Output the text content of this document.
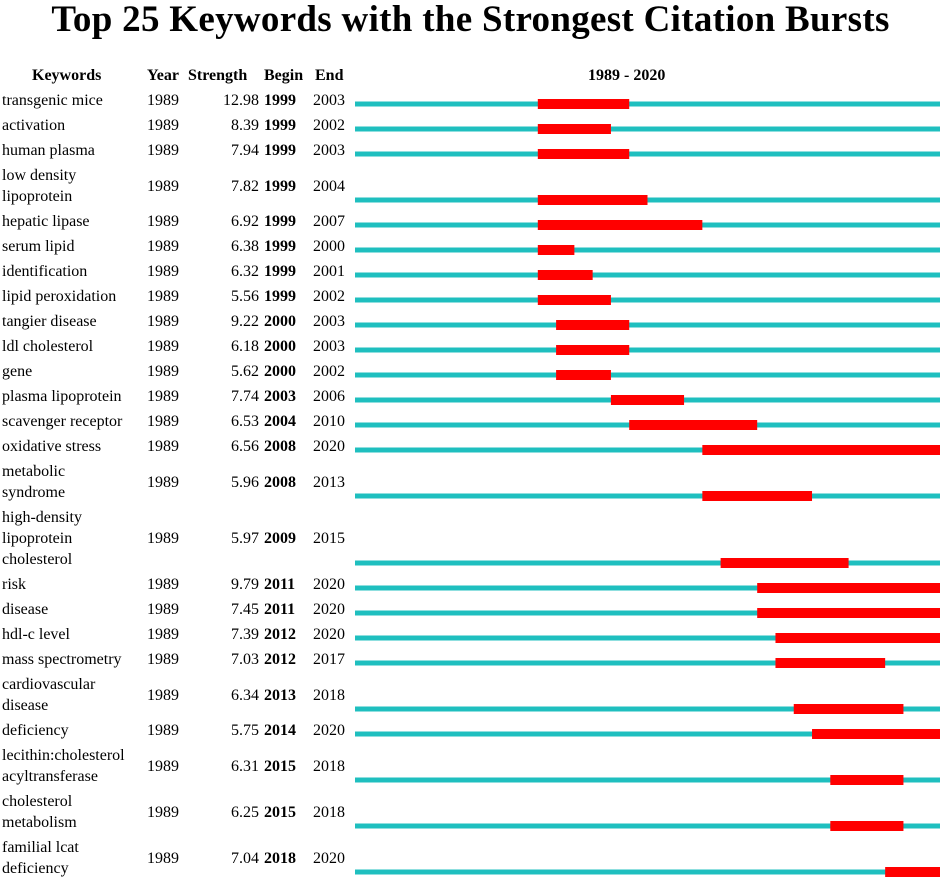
Top 25 Keywords with the Strongest Citation Bursts
Keywords	Year Strength Begin End	1989 - 2020
transgenic mice	1989	12.98 1999 2003
activation	1989	8.39 1999 2002
human plasma	1989	7.94 1999 2003
low density
lipoprotein
1989	7.82 1999 2004
hepatic lipase	1989	6.92 1999 2007
serum lipid	1989	6.38 1999 2000
identification	1989	6.32 1999 2001
lipid peroxidation 1989	5.56 1999 2002
tangier disease	1989	9.22 2000 2003
ldl cholesterol	1989	6.18 2000 2003
gene	1989	5.62 2000 2002
plasma lipoprotein 1989	7.74 2003 2006
scavenger receptor 1989	6.53 2004 2010
oxidative stress	1989	6.56 2008 2020
metabolic
syndrome
1989	5.96 2008 2013
high-density
lipoprotein
cholesterol
1989	5.97 2009 2015
risk	1989	9.79 2011 2020
disease	1989	7.45 2011 2020
hdl-c level	1989	7.39 2012 2020
mass spectrometry 1989	7.03 2012 2017
cardiovascular
disease
1989	6.34 2013 2018
deficiency	1989	5.75 2014 2020
lecithin:cholesterol
acyltransferase
1989	6.31 2015 2018
cholesterol
metabolism
1989	6.25 2015 2018
familial lcat
deficiency
1989	7.04 2018 2020
